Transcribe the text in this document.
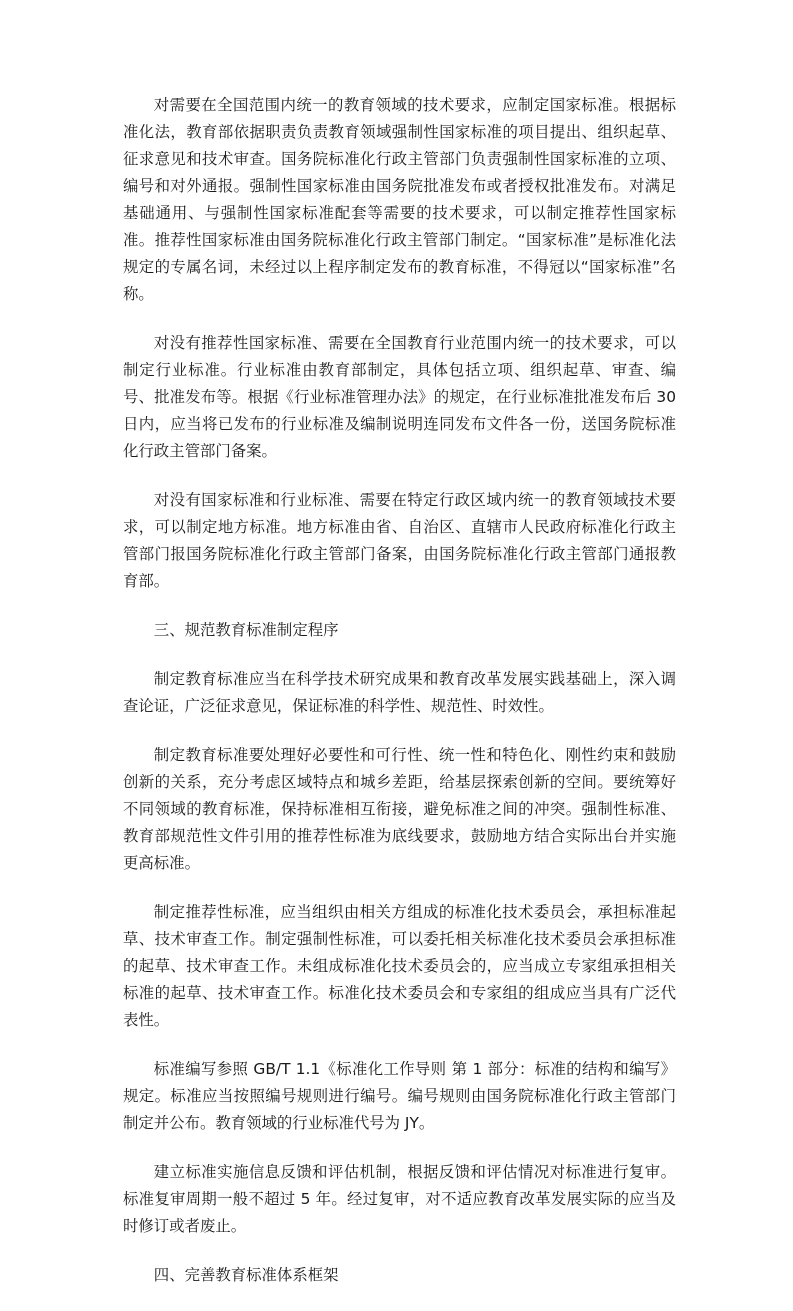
对需要在全国范围内统一的教育领域的技术要求，应制定国家标准。根据标准化法，教育部依据职责负责教育领域强制性国家标准的项目提出、组织起草、征求意见和技术审查。国务院标准化行政主管部门负责强制性国家标准的立项、编号和对外通报。强制性国家标准由国务院批准发布或者授权批准发布。对满足基础通用、与强制性国家标准配套等需要的技术要求，可以制定推荐性国家标准。推荐性国家标准由国务院标准化行政主管部门制定。“国家标准”是标准化法规定的专属名词，未经过以上程序制定发布的教育标准，不得冠以“国家标准”名称。

对没有推荐性国家标准、需要在全国教育行业范围内统一的技术要求，可以制定行业标准。行业标准由教育部制定，具体包括立项、组织起草、审查、编号、批准发布等。根据《行业标准管理办法》的规定，在行业标准批准发布后 30 日内，应当将已发布的行业标准及编制说明连同发布文件各一份，送国务院标准化行政主管部门备案。

对没有国家标准和行业标准、需要在特定行政区域内统一的教育领域技术要求，可以制定地方标准。地方标准由省、自治区、直辖市人民政府标准化行政主管部门报国务院标准化行政主管部门备案，由国务院标准化行政主管部门通报教育部。

三、规范教育标准制定程序

制定教育标准应当在科学技术研究成果和教育改革发展实践基础上，深入调查论证，广泛征求意见，保证标准的科学性、规范性、时效性。

制定教育标准要处理好必要性和可行性、统一性和特色化、刚性约束和鼓励创新的关系，充分考虑区域特点和城乡差距，给基层探索创新的空间。要统筹好不同领域的教育标准，保持标准相互衔接，避免标准之间的冲突。强制性标准、教育部规范性文件引用的推荐性标准为底线要求，鼓励地方结合实际出台并实施更高标准。

制定推荐性标准，应当组织由相关方组成的标准化技术委员会，承担标准起草、技术审查工作。制定强制性标准，可以委托相关标准化技术委员会承担标准的起草、技术审查工作。未组成标准化技术委员会的，应当成立专家组承担相关标准的起草、技术审查工作。标准化技术委员会和专家组的组成应当具有广泛代表性。

标准编写参照 GB/T 1.1《标准化工作导则 第 1 部分：标准的结构和编写》规定。标准应当按照编号规则进行编号。编号规则由国务院标准化行政主管部门制定并公布。教育领域的行业标准代号为 JY。

建立标准实施信息反馈和评估机制，根据反馈和评估情况对标准进行复审。标准复审周期一般不超过 5 年。经过复审，对不适应教育改革发展实际的应当及时修订或者废止。

四、完善教育标准体系框架
